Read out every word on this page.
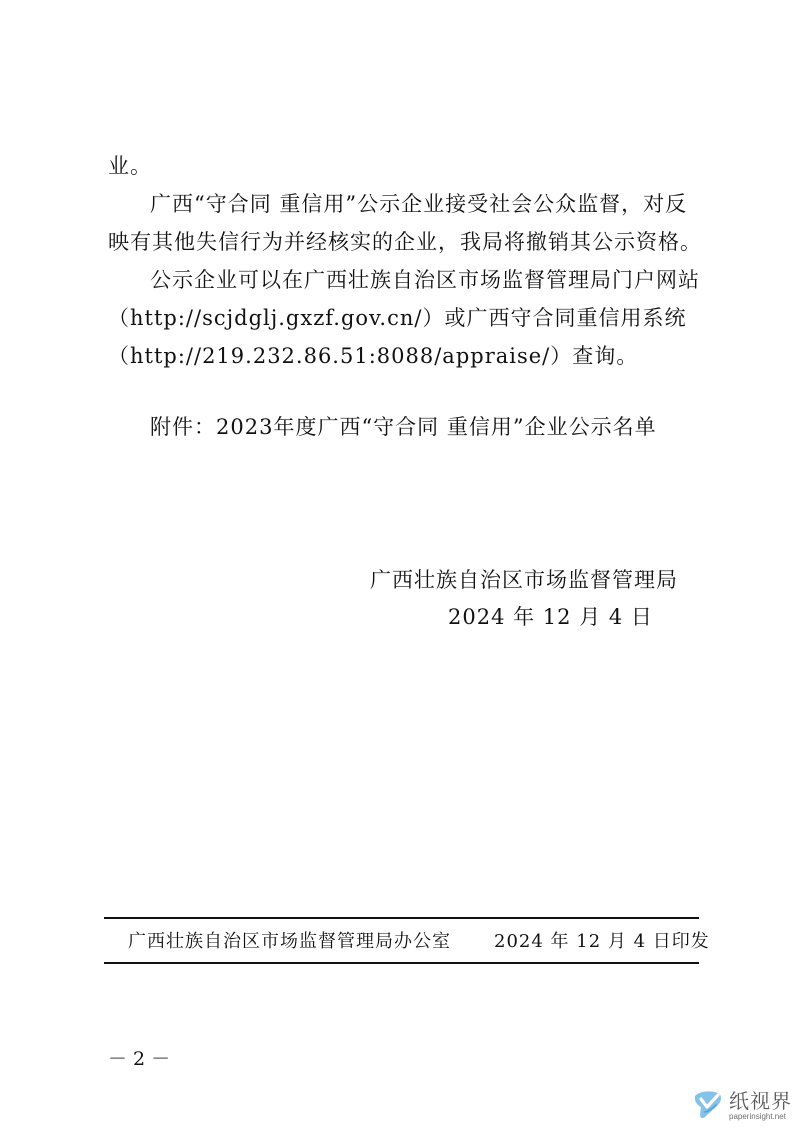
业。
广西“守合同 重信用”公示企业接受社会公众监督，对反
映有其他失信行为并经核实的企业，我局将撤销其公示资格。
公示企业可以在广西壮族自治区市场监督管理局门户网站
（http://scjdglj.gxzf.gov.cn/）或广西守合同重信用系统
（http://219.232.86.51:8088/appraise/）查询。
附件：2023年度广西“守合同 重信用”企业公示名单
广西壮族自治区市场监督管理局
2024 年 12 月 4 日
广西壮族自治区市场监督管理局办公室 2024 年 12 月 4 日印发
－ 2 －
纸视界
paperinsight.net
